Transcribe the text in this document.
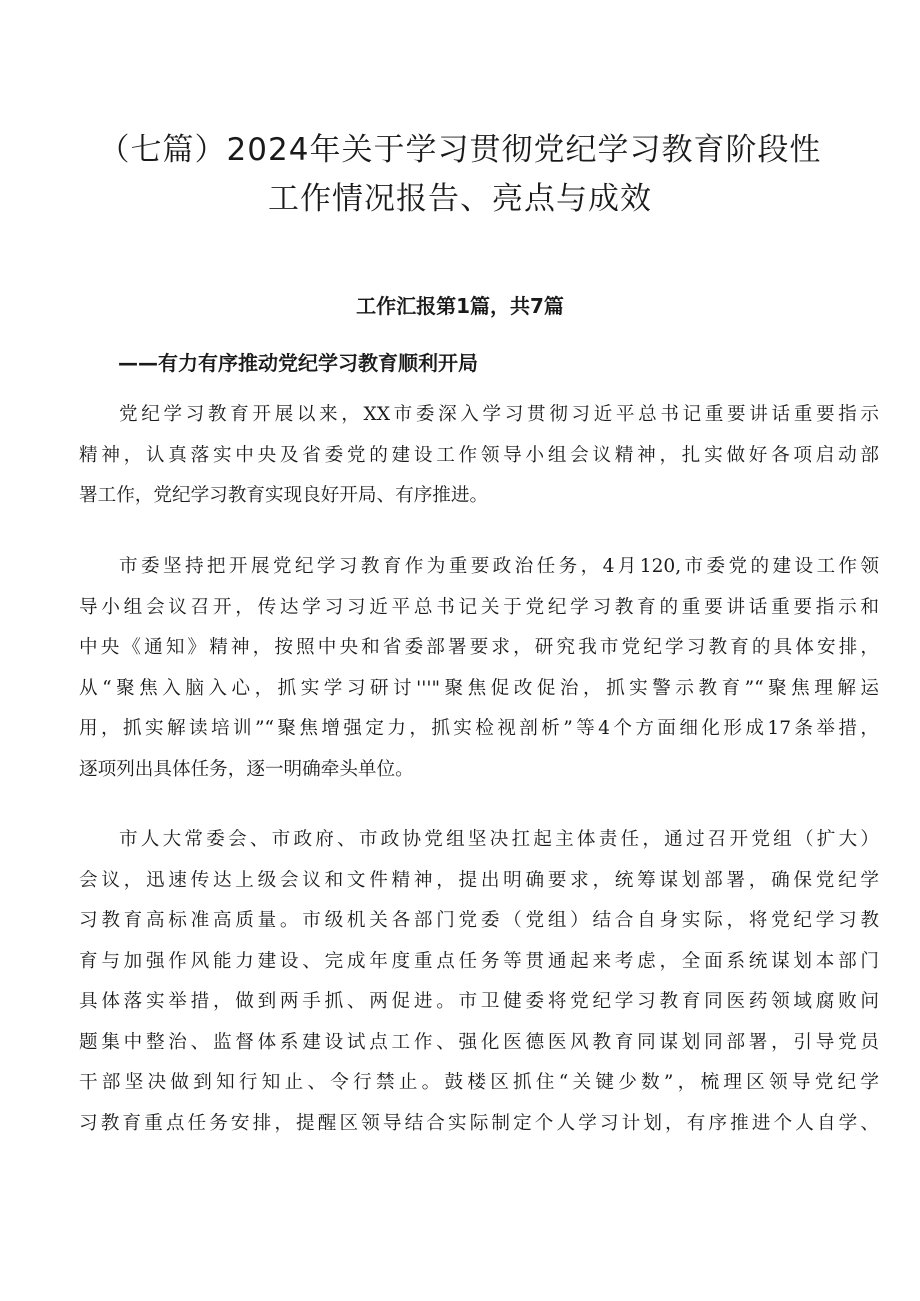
（七篇）2024年关于学习贯彻党纪学习教育阶段性
工作情况报告、亮点与成效
工作汇报第1篇，共7篇
——有力有序推动党纪学习教育顺利开局
党纪学习教育开展以来，XX市委深入学习贯彻习近平总书记重要讲话重要指示
精神，认真落实中央及省委党的建设工作领导小组会议精神，扎实做好各项启动部
署工作，党纪学习教育实现良好开局、有序推进。
市委坚持把开展党纪学习教育作为重要政治任务，4月120,市委党的建设工作领
导小组会议召开，传达学习习近平总书记关于党纪学习教育的重要讲话重要指示和
中央《通知》精神，按照中央和省委部署要求，研究我市党纪学习教育的具体安排，
从“聚焦入脑入心，抓实学习研讨'''"聚焦促改促治，抓实警示教育”“聚焦理解运
用，抓实解读培训”“聚焦增强定力，抓实检视剖析”等4个方面细化形成17条举措，
逐项列出具体任务，逐一明确牵头单位。
市人大常委会、市政府、市政协党组坚决扛起主体责任，通过召开党组（扩大）
会议，迅速传达上级会议和文件精神，提出明确要求，统筹谋划部署，确保党纪学
习教育高标准高质量。市级机关各部门党委（党组）结合自身实际，将党纪学习教
育与加强作风能力建设、完成年度重点任务等贯通起来考虑，全面系统谋划本部门
具体落实举措，做到两手抓、两促进。市卫健委将党纪学习教育同医药领域腐败问
题集中整治、监督体系建设试点工作、强化医德医风教育同谋划同部署，引导党员
干部坚决做到知行知止、令行禁止。鼓楼区抓住“关键少数”，梳理区领导党纪学
习教育重点任务安排，提醒区领导结合实际制定个人学习计划，有序推进个人自学、
